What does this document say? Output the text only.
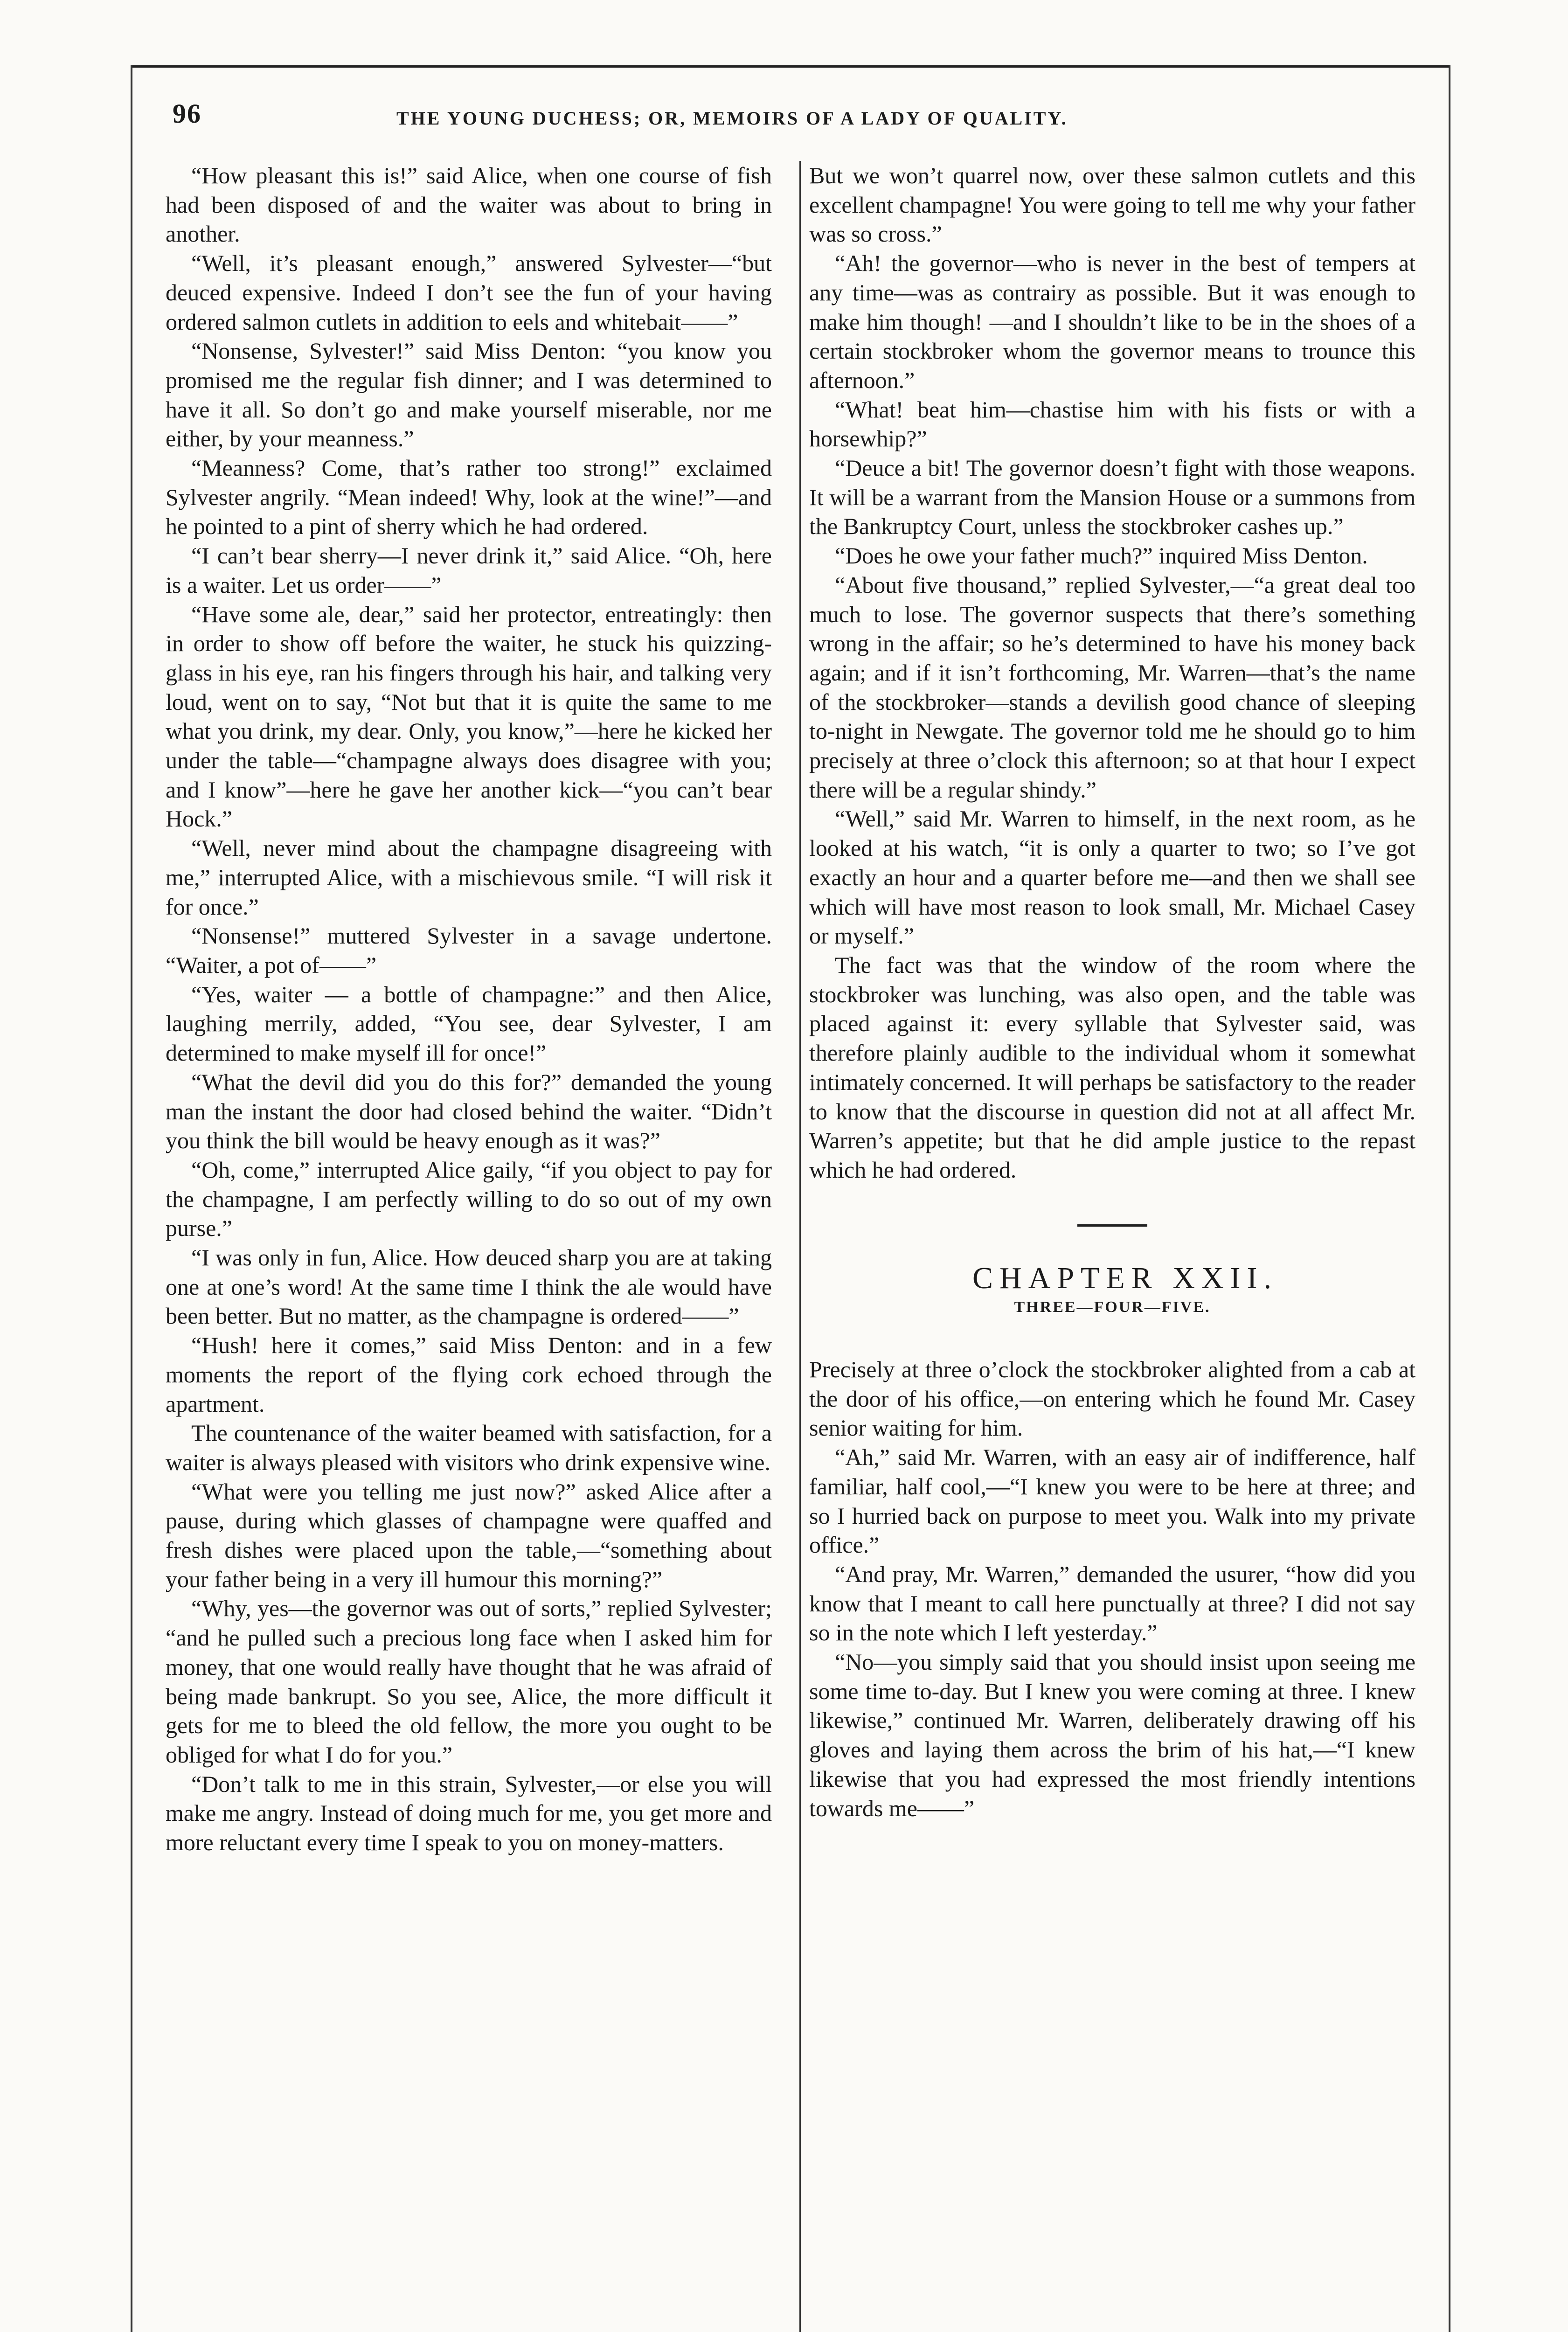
96	THE YOUNG DUCHESS; OR, MEMOIRS OF A LADY OF QUALITY.

“How pleasant this is!” said Alice, when one course of fish had been disposed of and the waiter was about to bring in another.

“Well, it’s pleasant enough,” answered Sylvester—“but deuced expensive. Indeed I don’t see the fun of your having ordered salmon cutlets in addition to eels and whitebait——”

“Nonsense, Sylvester!” said Miss Denton: “you know you promised me the regular fish dinner; and I was determined to have it all. So don’t go and make yourself miserable, nor me either, by your meanness.”

“Meanness? Come, that’s rather too strong!” exclaimed Sylvester angrily. “Mean indeed! Why, look at the wine!”—and he pointed to a pint of sherry which he had ordered.

“I can’t bear sherry—I never drink it,” said Alice. “Oh, here is a waiter. Let us order——”

“Have some ale, dear,” said her protector, entreatingly: then in order to show off before the waiter, he stuck his quizzing-glass in his eye, ran his fingers through his hair, and talking very loud, went on to say, “Not but that it is quite the same to me what you drink, my dear. Only, you know,”—here he kicked her under the table—“champagne always does disagree with you; and I know”—here he gave her another kick—“you can’t bear Hock.”

“Well, never mind about the champagne disagreeing with me,” interrupted Alice, with a mischievous smile. “I will risk it for once.”

“Nonsense!” muttered Sylvester in a savage undertone. “Waiter, a pot of——”

“Yes, waiter — a bottle of champagne:” and then Alice, laughing merrily, added, “You see, dear Sylvester, I am determined to make myself ill for once!”

“What the devil did you do this for?” demanded the young man the instant the door had closed behind the waiter. “Didn’t you think the bill would be heavy enough as it was?”

“Oh, come,” interrupted Alice gaily, “if you object to pay for the champagne, I am perfectly willing to do so out of my own purse.”

“I was only in fun, Alice. How deuced sharp you are at taking one at one’s word! At the same time I think the ale would have been better. But no matter, as the champagne is ordered——”

“Hush! here it comes,” said Miss Denton: and in a few moments the report of the flying cork echoed through the apartment.

The countenance of the waiter beamed with satisfaction, for a waiter is always pleased with visitors who drink expensive wine.

“What were you telling me just now?” asked Alice after a pause, during which glasses of champagne were quaffed and fresh dishes were placed upon the table,—“something about your father being in a very ill humour this morning?”

“Why, yes—the governor was out of sorts,” replied Sylvester; “and he pulled such a precious long face when I asked him for money, that one would really have thought that he was afraid of being made bankrupt. So you see, Alice, the more difficult it gets for me to bleed the old fellow, the more you ought to be obliged for what I do for you.”

“Don’t talk to me in this strain, Sylvester,—or else you will make me angry. Instead of doing much for me, you get more and more reluctant every time I speak to you on money-matters.

But we won’t quarrel now, over these salmon cutlets and this excellent champagne! You were going to tell me why your father was so cross.”

“Ah! the governor—who is never in the best of tempers at any time—was as contrairy as possible. But it was enough to make him though! —and I shouldn’t like to be in the shoes of a certain stockbroker whom the governor means to trounce this afternoon.”

“What! beat him—chastise him with his fists or with a horsewhip?”

“Deuce a bit! The governor doesn’t fight with those weapons. It will be a warrant from the Mansion House or a summons from the Bankruptcy Court, unless the stockbroker cashes up.”

“Does he owe your father much?” inquired Miss Denton.

“About five thousand,” replied Sylvester,—“a great deal too much to lose. The governor suspects that there’s something wrong in the affair; so he’s determined to have his money back again; and if it isn’t forthcoming, Mr. Warren—that’s the name of the stockbroker—stands a devilish good chance of sleeping to-night in Newgate. The governor told me he should go to him precisely at three o’clock this afternoon; so at that hour I expect there will be a regular shindy.”

“Well,” said Mr. Warren to himself, in the next room, as he looked at his watch, “it is only a quarter to two; so I’ve got exactly an hour and a quarter before me—and then we shall see which will have most reason to look small, Mr. Michael Casey or myself.”

The fact was that the window of the room where the stockbroker was lunching, was also open, and the table was placed against it: every syllable that Sylvester said, was therefore plainly audible to the individual whom it somewhat intimately concerned. It will perhaps be satisfactory to the reader to know that the discourse in question did not at all affect Mr. Warren’s appetite; but that he did ample justice to the repast which he had ordered.

CHAPTER XXII.

THREE—FOUR—FIVE.

Precisely at three o’clock the stockbroker alighted from a cab at the door of his office,—on entering which he found Mr. Casey senior waiting for him.

“Ah,” said Mr. Warren, with an easy air of indifference, half familiar, half cool,—“I knew you were to be here at three; and so I hurried back on purpose to meet you. Walk into my private office.”

“And pray, Mr. Warren,” demanded the usurer, “how did you know that I meant to call here punctually at three? I did not say so in the note which I left yesterday.”

“No—you simply said that you should insist upon seeing me some time to-day. But I knew you were coming at three. I knew likewise,” continued Mr. Warren, deliberately drawing off his gloves and laying them across the brim of his hat,—“I knew likewise that you had expressed the most friendly intentions towards me——”
